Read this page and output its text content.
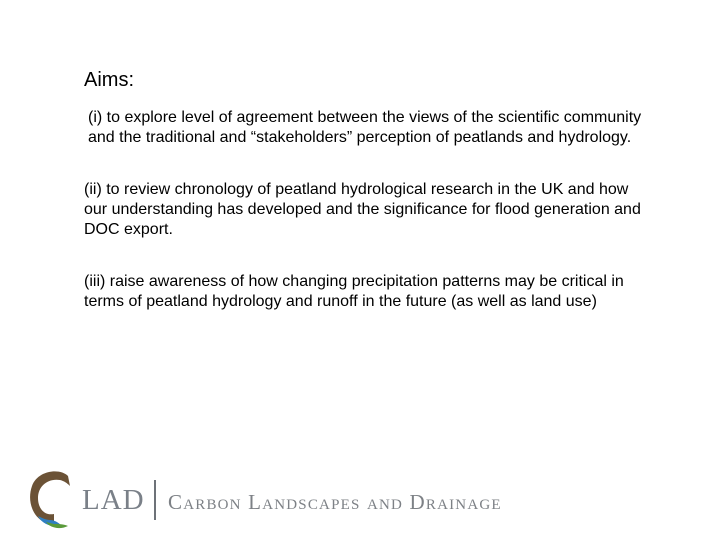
Aims:

(i) to explore level of agreement between the views of the scientific community and the traditional and “stakeholders” perception of peatlands and hydrology.

(ii) to review chronology of peatland hydrological research in the UK and how our understanding has developed and the significance for flood generation and DOC export.

(iii) raise awareness of how changing precipitation patterns may be critical in terms of peatland hydrology and runoff in the future (as well as land use)

LAD Carbon Landscapes and Drainage
